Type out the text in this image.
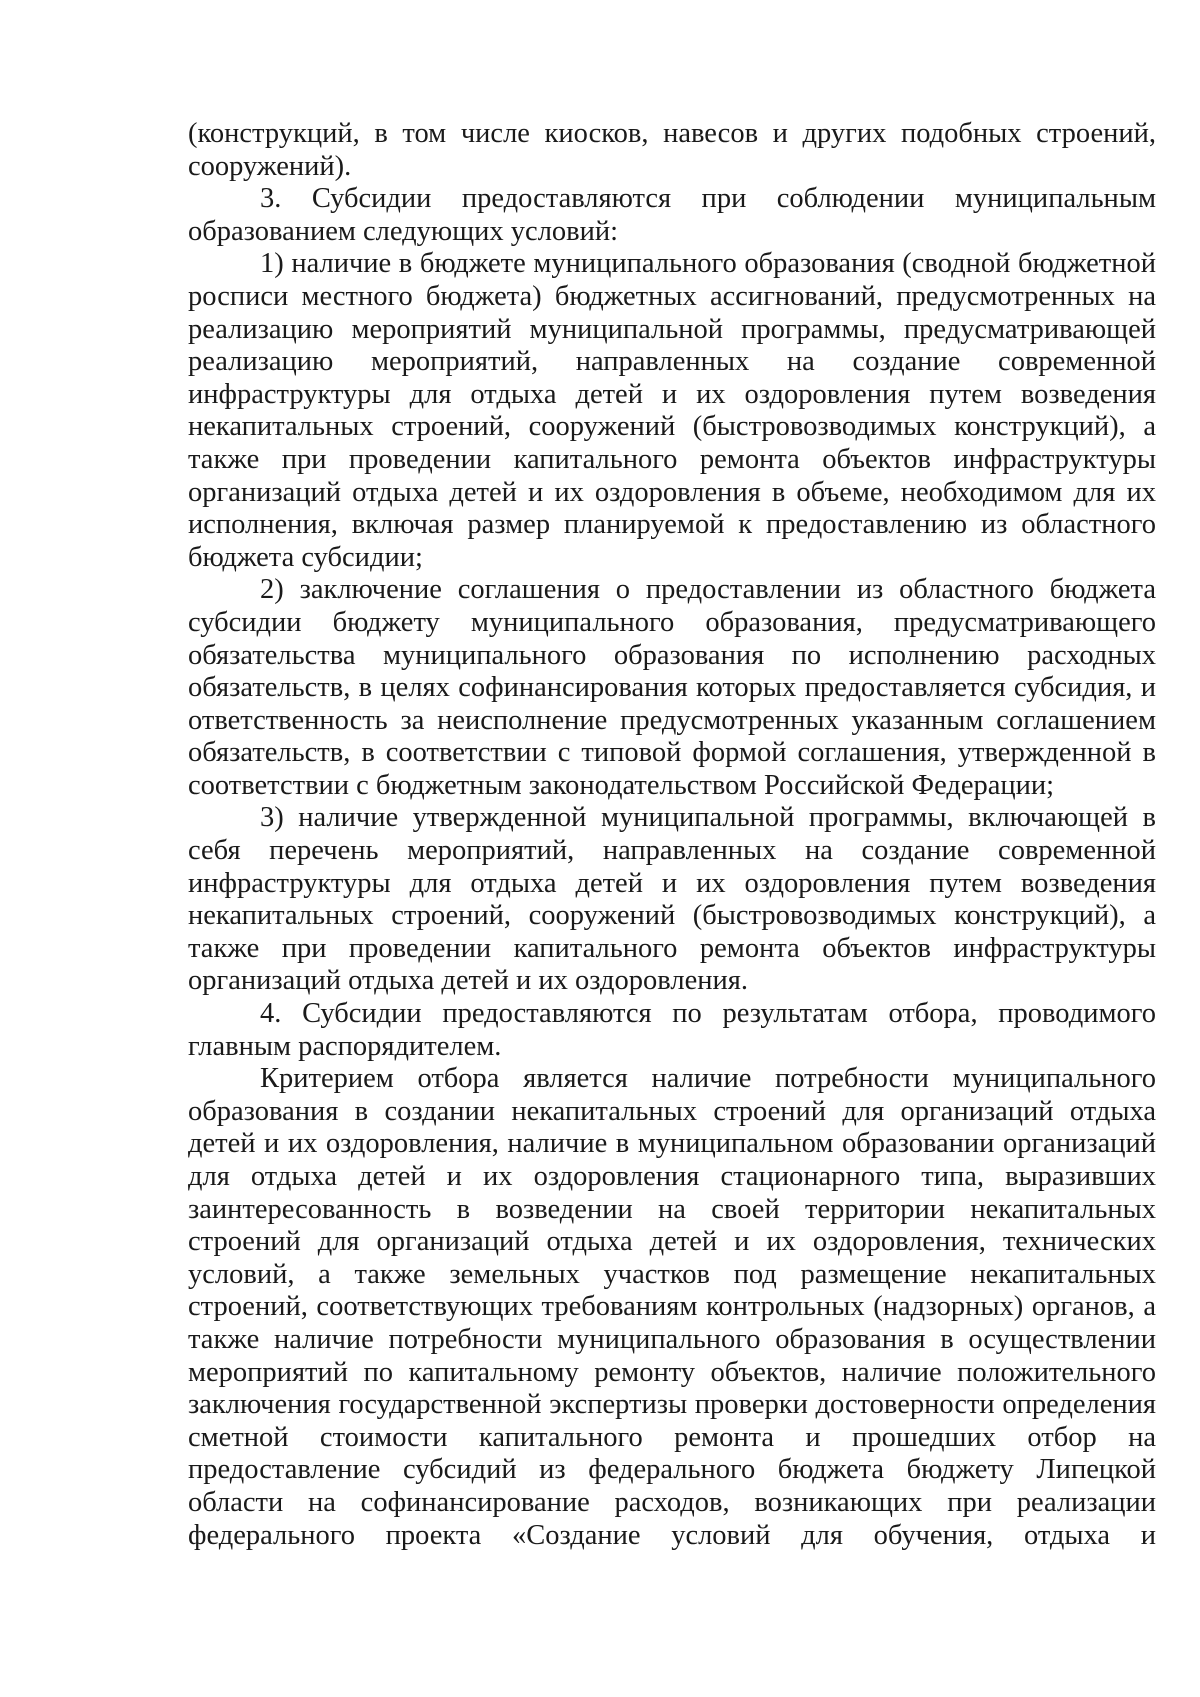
(конструкций, в том числе киосков, навесов и других подобных строений, сооружений).

3. Субсидии предоставляются при соблюдении муниципальным образованием следующих условий:

1) наличие в бюджете муниципального образования (сводной бюджетной росписи местного бюджета) бюджетных ассигнований, предусмотренных на реализацию мероприятий муниципальной программы, предусматривающей реализацию мероприятий, направленных на создание современной инфраструктуры для отдыха детей и их оздоровления путем возведения некапитальных строений, сооружений (быстровозводимых конструкций), а также при проведении капитального ремонта объектов инфраструктуры организаций отдыха детей и их оздоровления в объеме, необходимом для их исполнения, включая размер планируемой к предоставлению из областного бюджета субсидии;

2) заключение соглашения о предоставлении из областного бюджета субсидии бюджету муниципального образования, предусматривающего обязательства муниципального образования по исполнению расходных обязательств, в целях софинансирования которых предоставляется субсидия, и ответственность за неисполнение предусмотренных указанным соглашением обязательств, в соответствии с типовой формой соглашения, утвержденной в соответствии с бюджетным законодательством Российской Федерации;

3) наличие утвержденной муниципальной программы, включающей в себя перечень мероприятий, направленных на создание современной инфраструктуры для отдыха детей и их оздоровления путем возведения некапитальных строений, сооружений (быстровозводимых конструкций), а также при проведении капитального ремонта объектов инфраструктуры организаций отдыха детей и их оздоровления.

4. Субсидии предоставляются по результатам отбора, проводимого главным распорядителем.

Критерием отбора является наличие потребности муниципального образования в создании некапитальных строений для организаций отдыха детей и их оздоровления, наличие в муниципальном образовании организаций для отдыха детей и их оздоровления стационарного типа, выразивших заинтересованность в возведении на своей территории некапитальных строений для организаций отдыха детей и их оздоровления, технических условий, а также земельных участков под размещение некапитальных строений, соответствующих требованиям контрольных (надзорных) органов, а также наличие потребности муниципального образования в осуществлении мероприятий по капитальному ремонту объектов, наличие положительного заключения государственной экспертизы проверки достоверности определения сметной стоимости капитального ремонта и прошедших отбор на предоставление субсидий из федерального бюджета бюджету Липецкой области на софинансирование расходов, возникающих при реализации федерального проекта «Создание условий для обучения, отдыха и
